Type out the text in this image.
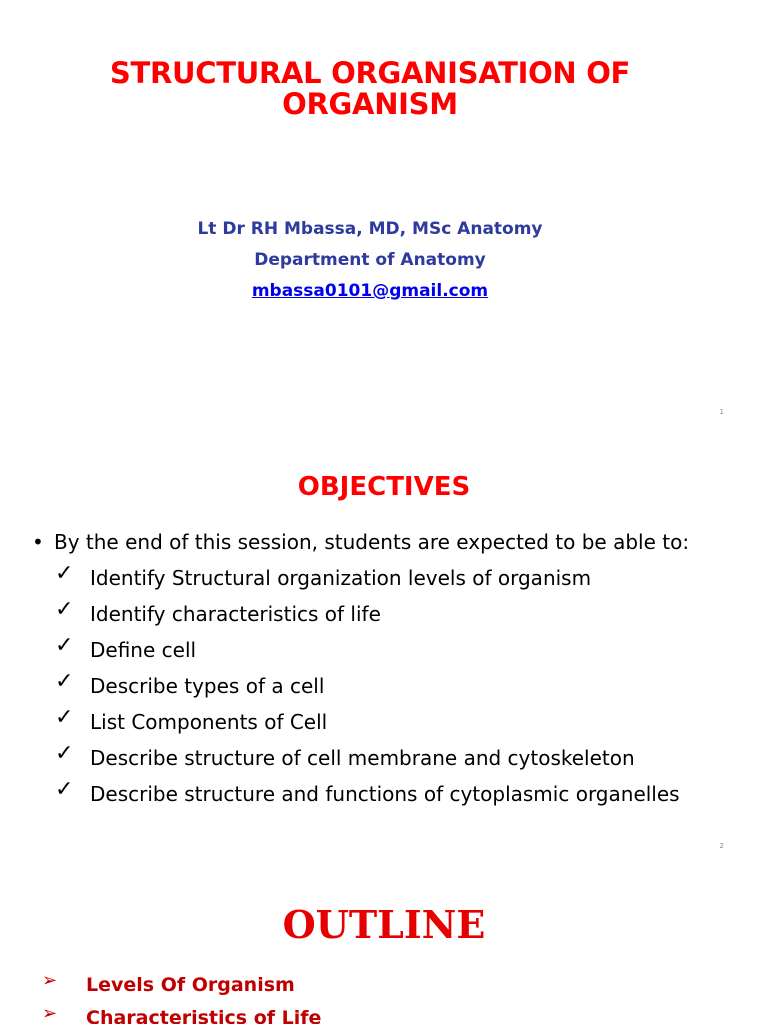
STRUCTURAL ORGANISATION OF
ORGANISM
Lt Dr RH Mbassa, MD, MSc Anatomy
Department of Anatomy
mbassa0101@gmail.com
1
2
OBJECTIVES
• By the end of this session, students are expected to be able to:
✓ Identify Structural organization levels of organism
✓ Identify characteristics of life
✓ Define cell
✓ Describe types of a cell
✓ List Components of Cell
✓ Describe structure of cell membrane and cytoskeleton
✓ Describe structure and functions of cytoplasmic organelles
OUTLINE
➢ Levels Of Organism
➢ Characteristics of Life
